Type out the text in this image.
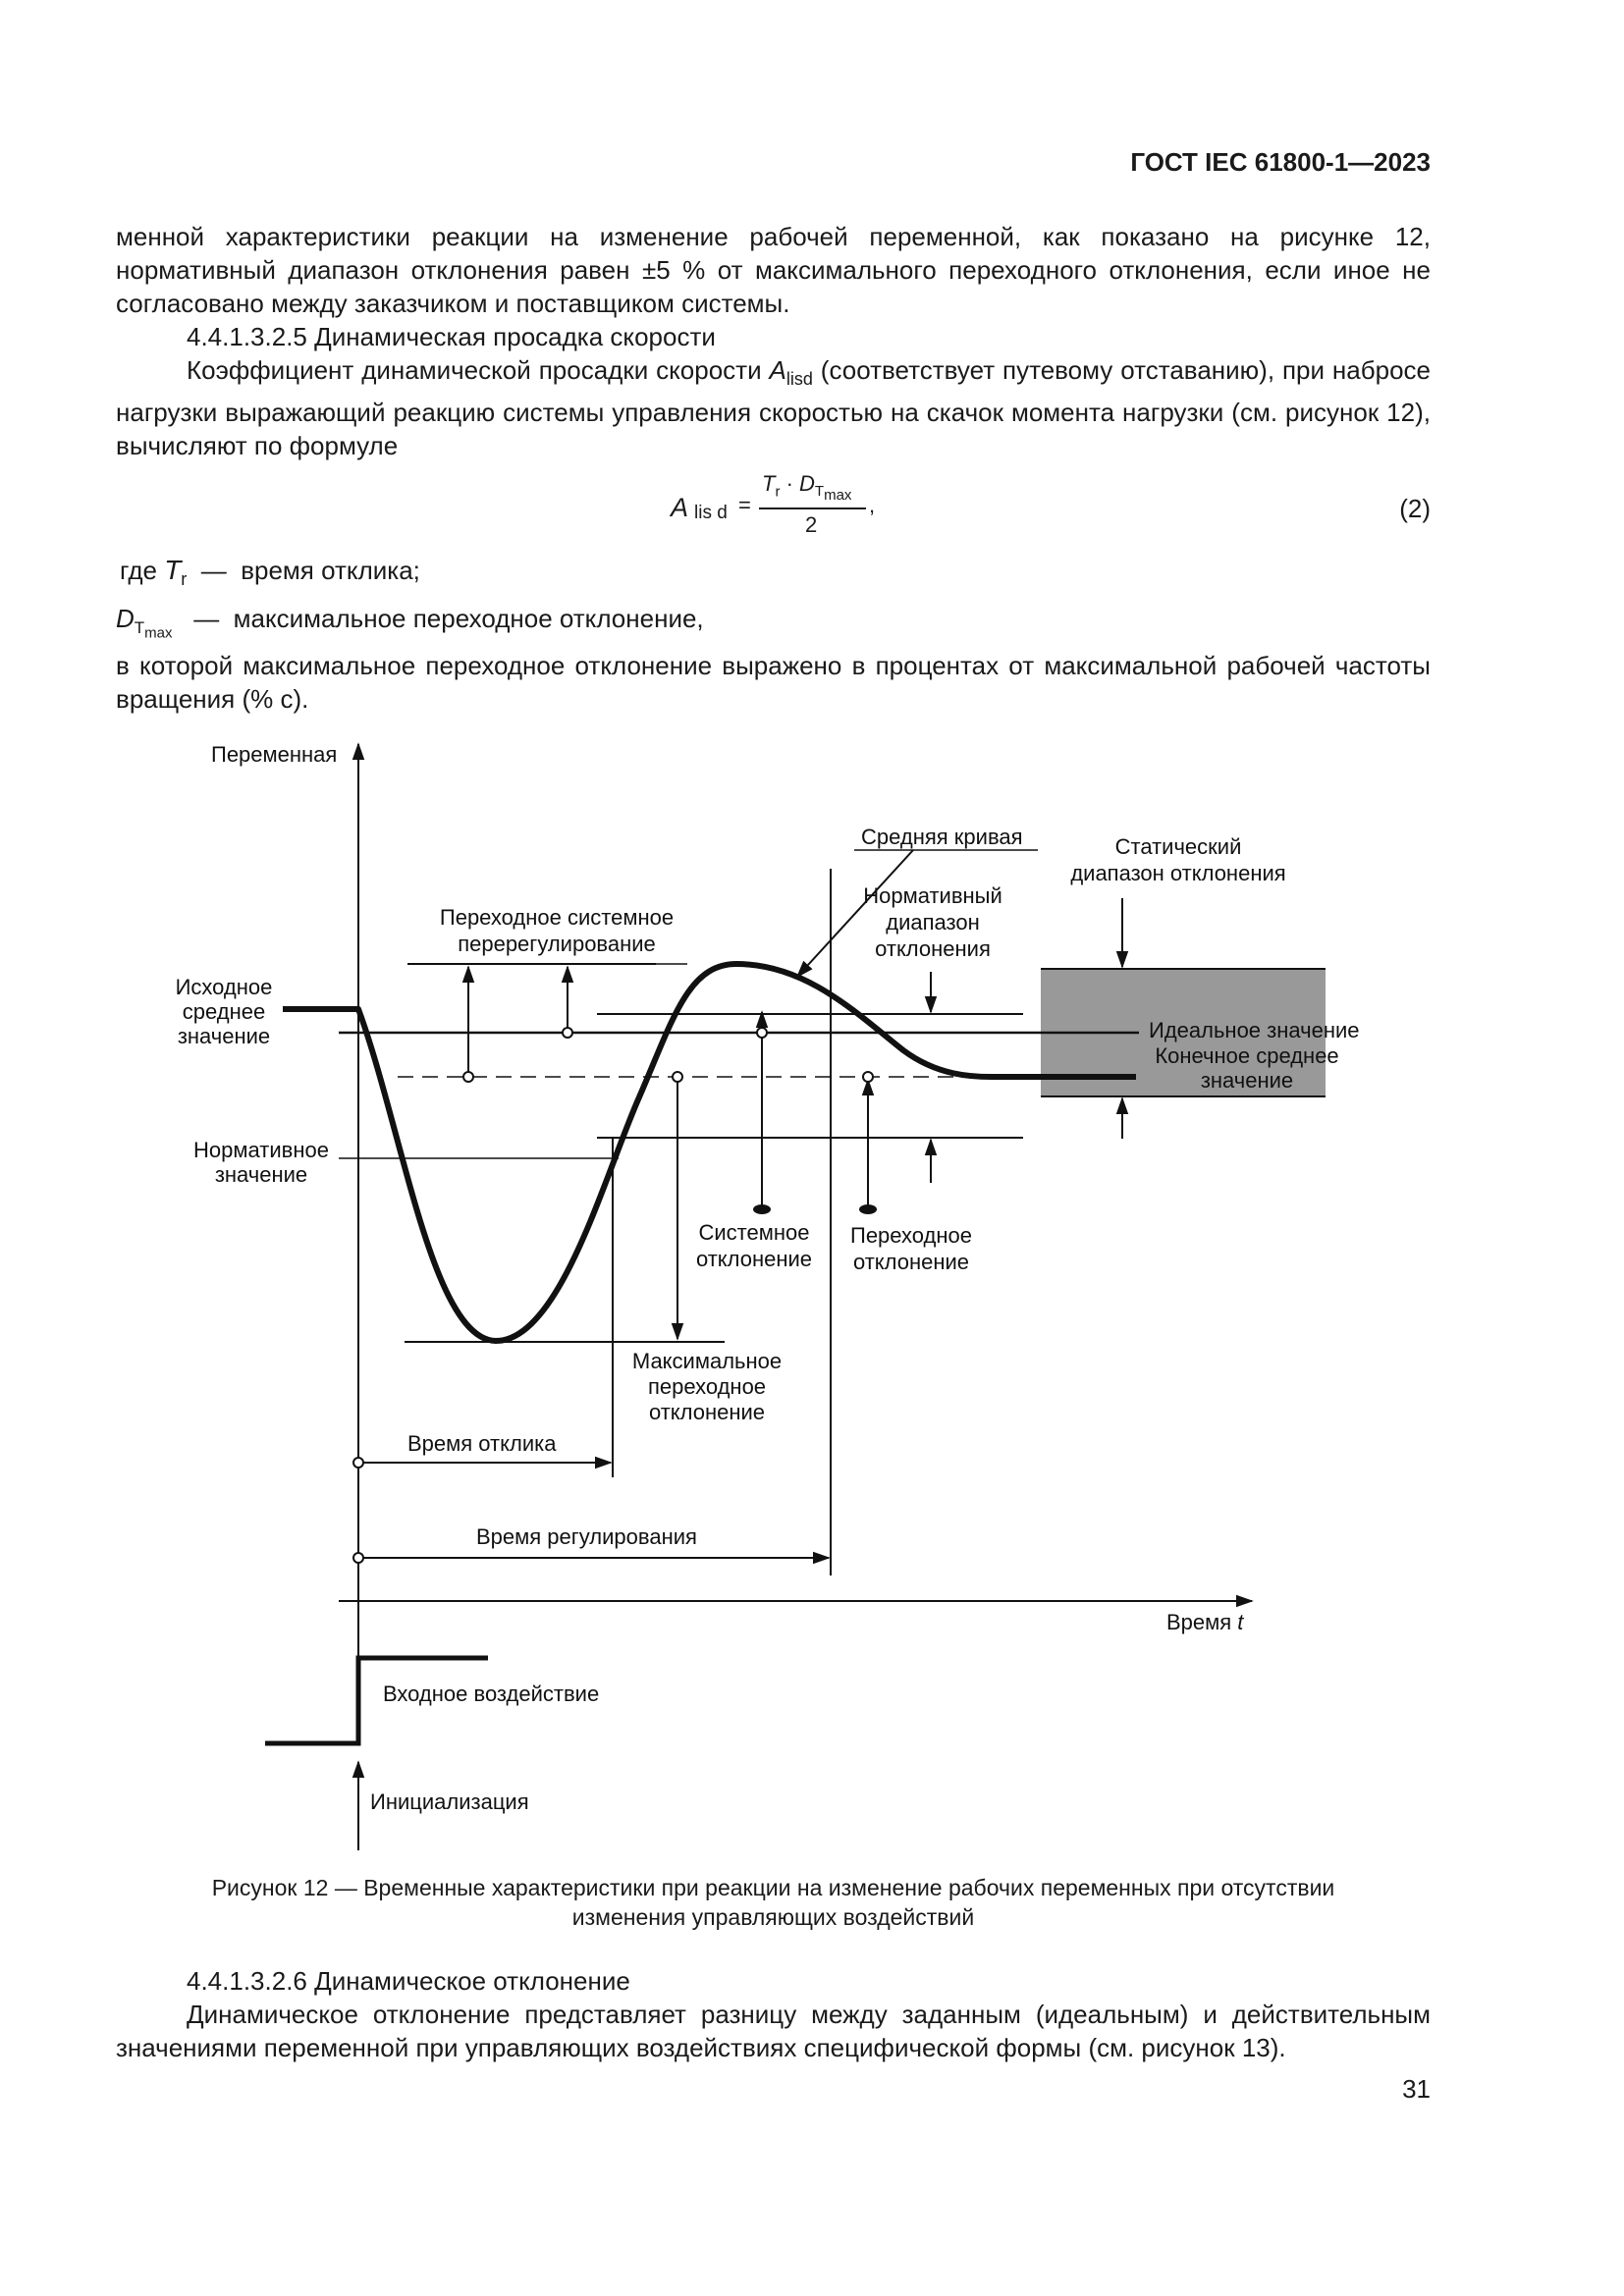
ГОСТ IEC 61800-1—2023

менной характеристики реакции на изменение рабочей переменной, как показано на рисунке 12, нормативный диапазон отклонения равен ±5 % от максимального переходного отклонения, если иное не согласовано между заказчиком и поставщиком системы.

4.4.1.3.2.5 Динамическая просадка скорости

Коэффициент динамической просадки скорости $A_{lisd}$ (соответствует путевому отставанию), при набросе нагрузки выражающий реакцию системы управления скоростью на скачок момента нагрузки (см. рисунок 12), вычисляют по формуле

A lis d =
$T_r \cdot D_{T_{max}}$
2
,	(2)
где $T_r$ — время отклика;
$D_{T_{max}}$   — максимальное переходное отклонение,

в которой максимальное переходное отклонение выражено в процентах от максимальной рабочей частоты вращения (% с).

Переменная
Время t
Средняя кривая	Статический диапазон отклонения
Переходное системное перерегулирование
Нормативный диапазон отклонения
Исходное среднее значение	Идеальное значение
Конечное среднее значение
Нормативное значение
Системное отклонение
Переходное отклонение
Максимальное переходное отклонение
Время отклика
Время регулирования
Входное воздействие
Инициализация
Рисунок 12 — Временные характеристики при реакции на изменение рабочих переменных при отсутствии
изменения управляющих воздействий

4.4.1.3.2.6 Динамическое отклонение

Динамическое отклонение представляет разницу между заданным (идеальным) и действительным значениями переменной при управляющих воздействиях специфической формы (см. рисунок 13).

31
